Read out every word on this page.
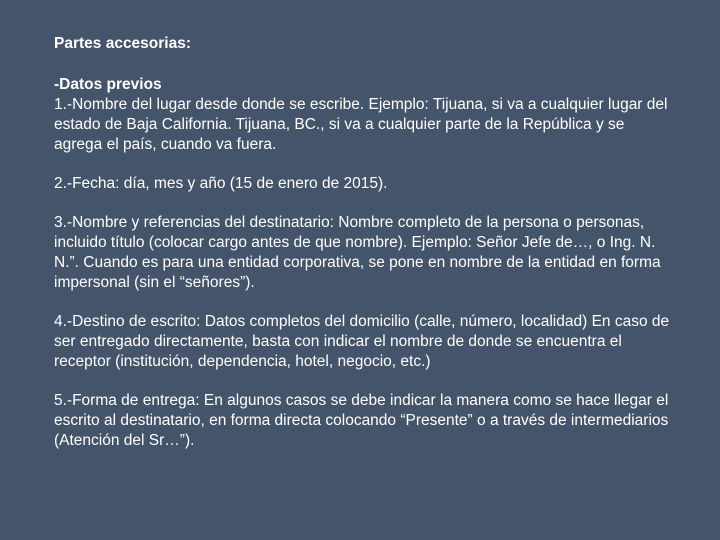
Partes accesorias:

-Datos previos

1.-Nombre del lugar desde donde se escribe. Ejemplo: Tijuana, si va a cualquier lugar del estado de Baja California. Tijuana, BC., si va a cualquier parte de la República y se agrega el país, cuando va fuera.

2.-Fecha: día, mes y año (15 de enero de 2015).

3.-Nombre y referencias del destinatario: Nombre completo de la persona o personas, incluido título (colocar cargo antes de que nombre). Ejemplo: Señor Jefe de…, o Ing. N. N.”. Cuando es para una entidad corporativa, se pone en nombre de la entidad en forma impersonal (sin el “señores”).

4.-Destino de escrito: Datos completos del domicilio (calle, número, localidad) En caso de ser entregado directamente, basta con indicar el nombre de donde se encuentra el receptor (institución, dependencia, hotel, negocio, etc.)

5.-Forma de entrega: En algunos casos se debe indicar la manera como se hace llegar el escrito al destinatario, en forma directa colocando “Presente” o a través de intermediarios (Atención del Sr…”).
